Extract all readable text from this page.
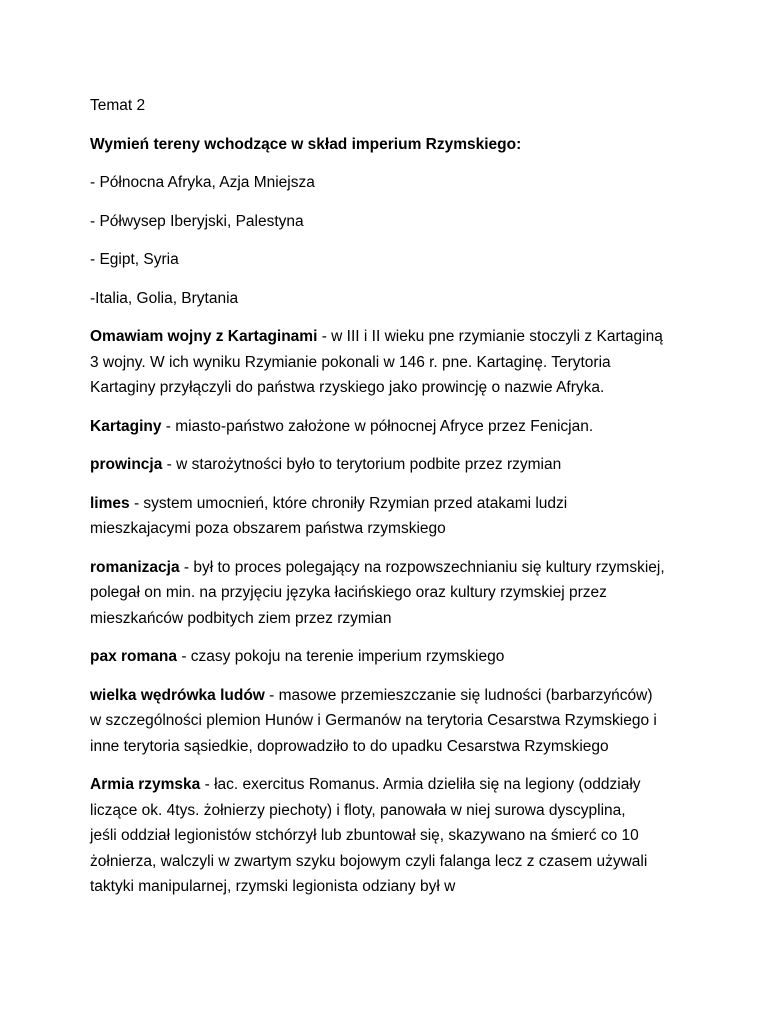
Temat 2
Wymień tereny wchodzące w skład imperium Rzymskiego:
- Północna Afryka, Azja Mniejsza
- Półwysep Iberyjski, Palestyna
- Egipt, Syria
-Italia, Golia, Brytania
Omawiam wojny z Kartaginami - w III i II wieku pne rzymianie stoczyli z Kartaginą
3 wojny. W ich wyniku Rzymianie pokonali w 146 r. pne. Kartaginę. Terytoria
Kartaginy przyłączyli do państwa rzyskiego jako prowincję o nazwie Afryka.
Kartaginy - miasto-państwo założone w północnej Afryce przez Fenicjan.
prowincja - w starożytności było to terytorium podbite przez rzymian
limes - system umocnień, które chroniły Rzymian przed atakami ludzi
mieszkajacymi poza obszarem państwa rzymskiego
romanizacja - był to proces polegający na rozpowszechnianiu się kultury rzymskiej,
polegał on min. na przyjęciu języka łacińskiego oraz kultury rzymskiej przez
mieszkańców podbitych ziem przez rzymian
pax romana - czasy pokoju na terenie imperium rzymskiego
wielka wędrówka ludów - masowe przemieszczanie się ludności (barbarzyńców)
w szczególności plemion Hunów i Germanów na terytoria Cesarstwa Rzymskiego i
inne terytoria sąsiedkie, doprowadziło to do upadku Cesarstwa Rzymskiego
Armia rzymska - łac. exercitus Romanus. Armia dzieliła się na legiony (oddziały
liczące ok. 4tys. żołnierzy piechoty) i floty, panowała w niej surowa dyscyplina,
jeśli oddział legionistów stchórzył lub zbuntował się, skazywano na śmierć co 10
żołnierza, walczyli w zwartym szyku bojowym czyli falanga lecz z czasem używali
taktyki manipularnej, rzymski legionista odziany był w
